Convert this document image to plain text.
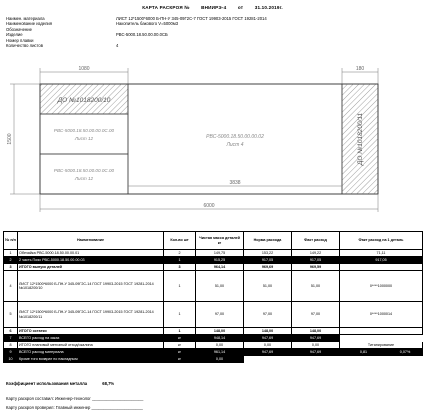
КАРТА РАСКРОЯ № ВНИИРЭ-4 от 31.10.2019г.
Наимен. материала	ЛИСТ 12*1500*6000 Б-ПН-У 345-09Г2С-7 ГОСТ 19903-2015 ГОСТ 19281-2014
Наименование изделия	Накопитель бакового V=5000м3
Обозначение
Изделие	РВС-5000.18.50.00.00.0СБ
Номер плавки
Количество листов	4
1080	180
1500
ДО №1018200/10
РВС-5000.18.50.00.00.0С.00
Лист 12
РВС-5000.18.50.00.00.0С.00
Лист 12
РВС-5000.18.50.00.00.02
Лист 4	ДО №1018200/11
3838
6000
№ п/п	Наименование	Кол-во шт	Чистая масса деталей кг	Норма расхода	Факт расход	Факт расход на 1 деталь	
1	Обечайка РВС-5000.18.50.00.00.01	2	149,75	153,22	149,22	71,11	
2	2 часть Пояс РВС-5000.18.50.00.00.03	1	915,25	917,05	917,05	917,05	
3	ИТОГО выпуск деталей	3	964,14	969,69	969,59		
4	ЛИСТ 12*1500*6000 Б-ПН-У 345-09Г2С-14 ГОСТ 19903-2015 ГОСТ 19281-2014 №1018200/10	1	51,00	51,00	51,00	0****1000000	
5	ЛИСТ 12*1500*6000 Б-ПН-У 345-09Г2С-14 ГОСТ 19903-2015 ГОСТ 19281-2014 №1018200/11	1	97,00	97,00	97,00	0****1000014	
6	ИТОГО остатки	1	148,00	148,00	148,00		
7	ВСЕГО расход на заказ	кг	948,14	947,69	947,69		
8	ИТОГО плановый метизный отход/окалина	кг	0,00	0,00	0,00	Титанирование	
9	ВСЕГО расход материала	кг	961,14	947,69	947,69	0,81	0,07%
10	Кроме того возврат по накладным	кг	0,00				
Коэффициент использования металла	68,7%
Карту раскроя составил: Инженер-технолог ______________________
Карту раскроя проверил: Главный инженер ______________________
